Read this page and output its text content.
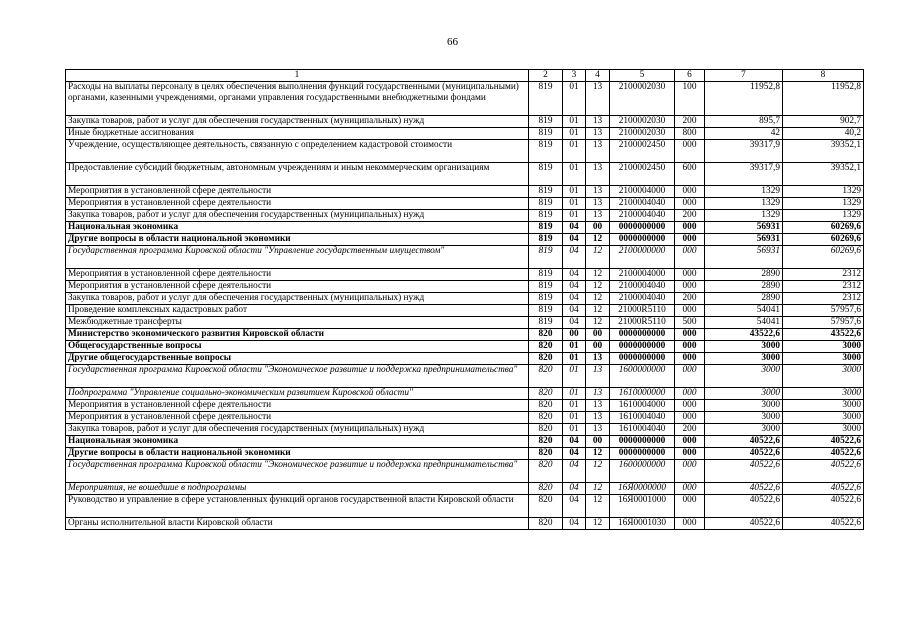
66
1	2	3	4	5	6	7	8
Расходы на выплаты персоналу в целях обеспечения выполнения функций государственными (муниципальными) органами, казенными учреждениями, органами управления государственными внебюджетными фондами	819	01	13	2100002030	100	11952,8	11952,8
Закупка товаров, работ и услуг для обеспечения государственных (муниципальных) нужд	819	01	13	2100002030	200	895,7	902,7
Иные бюджетные ассигнования	819	01	13	2100002030	800	42	40,2
Учреждение, осуществляющее деятельность, связанную с определением кадастровой стоимости	819	01	13	2100002450	000	39317,9	39352,1
Предоставление субсидий бюджетным, автономным учреждениям и иным некоммерческим организациям	819	01	13	2100002450	600	39317,9	39352,1
Мероприятия в установленной сфере деятельности	819	01	13	2100004000	000	1329	1329
Мероприятия в установленной сфере деятельности	819	01	13	2100004040	000	1329	1329
Закупка товаров, работ и услуг для обеспечения государственных (муниципальных) нужд	819	01	13	2100004040	200	1329	1329
Национальная экономика	819	04	00	0000000000	000	56931	60269,6
Другие вопросы в области национальной экономики	819	04	12	0000000000	000	56931	60269,6
Государственная программа Кировской области "Управление государственным имуществом"	819	04	12	2100000000	000	56931	60269,6
Мероприятия в установленной сфере деятельности	819	04	12	2100004000	000	2890	2312
Мероприятия в установленной сфере деятельности	819	04	12	2100004040	000	2890	2312
Закупка товаров, работ и услуг для обеспечения государственных (муниципальных) нужд	819	04	12	2100004040	200	2890	2312
Проведение комплексных кадастровых работ	819	04	12	21000R5110	000	54041	57957,6
Межбюджетные трансферты	819	04	12	21000R5110	500	54041	57957,6
Министерство экономического развития Кировской области	820	00	00	0000000000	000	43522,6	43522,6
Общегосударственные вопросы	820	01	00	0000000000	000	3000	3000
Другие общегосударственные вопросы	820	01	13	0000000000	000	3000	3000
Государственная программа Кировской области "Экономическое развитие и поддержка предпринимательства"	820	01	13	1600000000	000	3000	3000
Подпрограмма "Управление социально-экономическим развитием Кировской области"	820	01	13	1610000000	000	3000	3000
Мероприятия в установленной сфере деятельности	820	01	13	1610004000	000	3000	3000
Мероприятия в установленной сфере деятельности	820	01	13	1610004040	000	3000	3000
Закупка товаров, работ и услуг для обеспечения государственных (муниципальных) нужд	820	01	13	1610004040	200	3000	3000
Национальная экономика	820	04	00	0000000000	000	40522,6	40522,6
Другие вопросы в области национальной экономики	820	04	12	0000000000	000	40522,6	40522,6
Государственная программа Кировской области "Экономическое развитие и поддержка предпринимательства"	820	04	12	1600000000	000	40522,6	40522,6
Мероприятия, не вошедшие в подпрограммы	820	04	12	16Я0000000	000	40522,6	40522,6
Руководство и управление в сфере установленных функций органов государственной власти Кировской области	820	04	12	16Я0001000	000	40522,6	40522,6
Органы исполнительной власти Кировской области	820	04	12	16Я0001030	000	40522,6	40522,6
